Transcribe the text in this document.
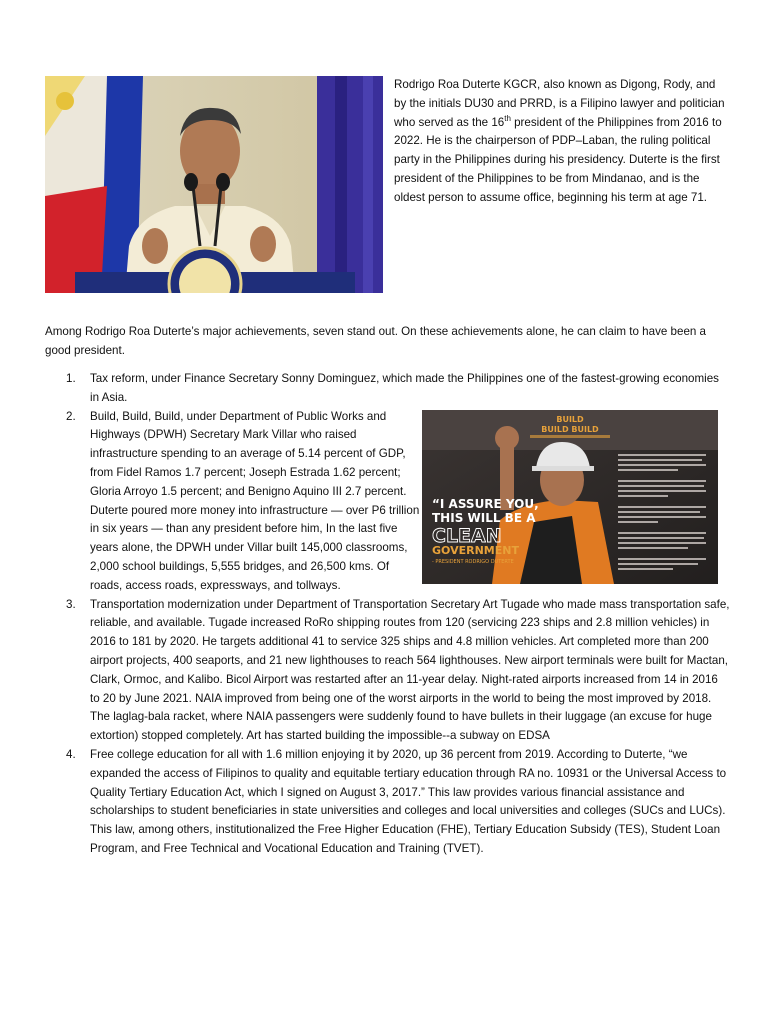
Rodrigo Roa Duterte KGCR, also known as Digong, Rody, and by the initials DU30 and PRRD, is a Filipino lawyer and politician who served as the 16th president of the Philippines from 2016 to 2022. He is the chairperson of PDP–Laban, the ruling political party in the Philippines during his presidency. Duterte is the first president of the Philippines to be from Mindanao, and is the oldest person to assume office, beginning his term at age 71.
Among Rodrigo Roa Duterte’s major achievements, seven stand out. On these achievements alone, he can claim to have been a good president.
1. Tax reform, under Finance Secretary Sonny Dominguez, which made the Philippines one of the fastest-growing economies in Asia.
2. Build, Build, Build, under Department of Public Works and Highways (DPWH) Secretary Mark Villar who raised infrastructure spending to an average of 5.14 percent of GDP, from Fidel Ramos 1.7 percent; Joseph Estrada 1.62 percent; Gloria Arroyo 1.5 percent; and Benigno Aquino III 2.7 percent. Duterte poured more money into infrastructure — over P6 trillion in six years — than any president before him, In the last five years alone, the DPWH under Villar built 145,000 classrooms, 2,000 school buildings, 5,555 bridges, and 26,500 kms. Of roads, access roads, expressways, and tollways.
3. Transportation modernization under Department of Transportation Secretary Art Tugade who made mass transportation safe, reliable, and available. Tugade increased RoRo shipping routes from 120 (servicing 223 ships and 2.8 million vehicles) in 2016 to 181 by 2020. He targets additional 41 to service 325 ships and 4.8 million vehicles. Art completed more than 200 airport projects, 400 seaports, and 21 new lighthouses to reach 564 lighthouses. New airport terminals were built for Mactan, Clark, Ormoc, and Kalibo. Bicol Airport was restarted after an 11-year delay. Night-rated airports increased from 14 in 2016 to 20 by June 2021. NAIA improved from being one of the worst airports in the world to being the most improved by 2018. The laglag-bala racket, where NAIA passengers were suddenly found to have bullets in their luggage (an excuse for huge extortion) stopped completely. Art has started building the impossible--a subway on EDSA
4. Free college education for all with 1.6 million enjoying it by 2020, up 36 percent from 2019. According to Duterte, “we expanded the access of Filipinos to quality and equitable tertiary education through RA no. 10931 or the Universal Access to Quality Tertiary Education Act, which I signed on August 3, 2017.” This law provides various financial assistance and scholarships to student beneficiaries in state universities and colleges and local universities and colleges (SUCs and LUCs). This law, among others, institutionalized the Free Higher Education (FHE), Tertiary Education Subsidy (TES), Student Loan Program, and Free Technical and Vocational Education and Training (TVET).
BUILD
BUILD BUILD
“I ASSURE YOU,
THIS WILL BE A
CLEAN
GOVERNMENT
- PRESIDENT RODRIGO DUTERTE
